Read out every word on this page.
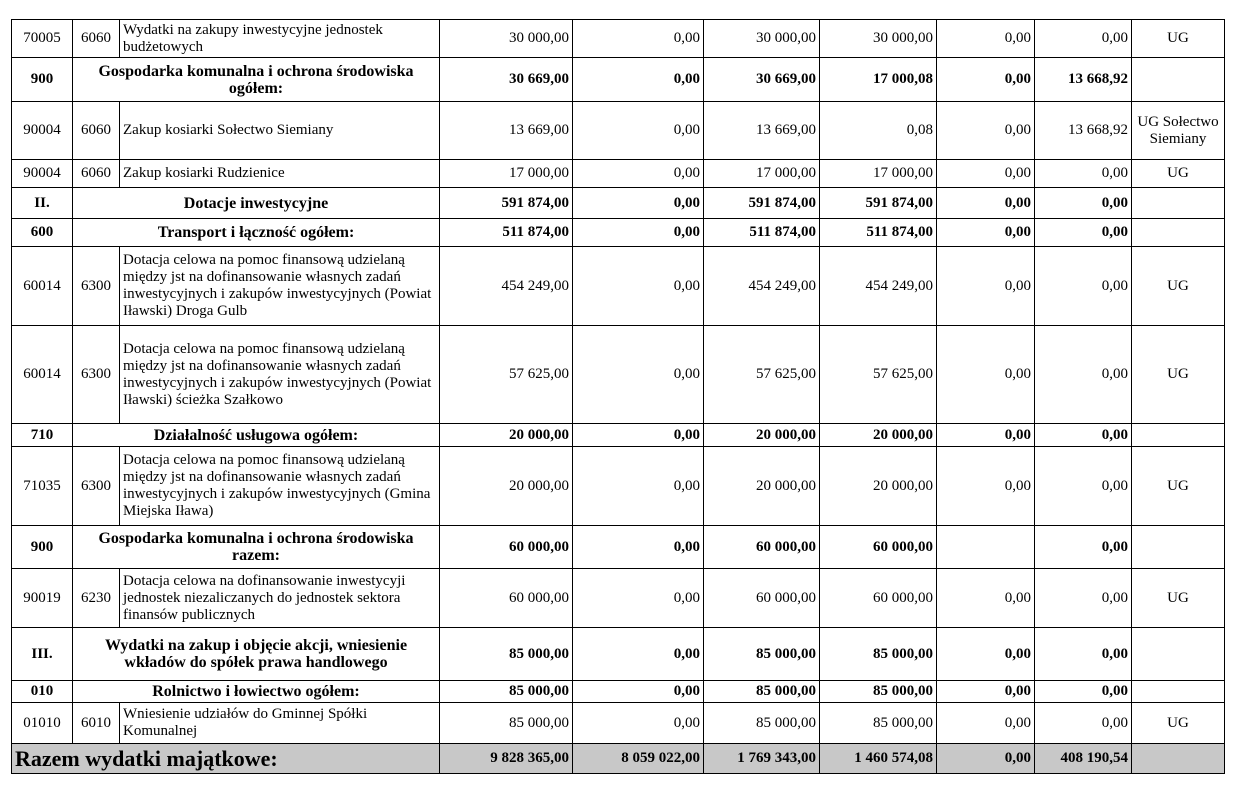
70005	6060	Wydatki na zakupy inwestycyjne jednostek budżetowych	30 000,00	0,00	30 000,00	30 000,00	0,00	0,00	UG
900	Gospodarka komunalna i ochrona środowiska ogółem:		30 669,00	0,00	30 669,00	17 000,08	0,00	13 668,92	
90004	6060	Zakup kosiarki Sołectwo Siemiany	13 669,00	0,00	13 669,00	0,08	0,00	13 668,92	UG Sołectwo Siemiany
90004	6060	Zakup kosiarki Rudzienice	17 000,00	0,00	17 000,00	17 000,00	0,00	0,00	UG
II.	Dotacje inwestycyjne		591 874,00	0,00	591 874,00	591 874,00	0,00	0,00	
600	Transport i łączność ogółem:		511 874,00	0,00	511 874,00	511 874,00	0,00	0,00	
60014	6300	Dotacja celowa na pomoc finansową udzielaną między jst na dofinansowanie własnych zadań inwestycyjnych i zakupów inwestycyjnych (Powiat Iławski) Droga Gulb	454 249,00	0,00	454 249,00	454 249,00	0,00	0,00	UG
60014	6300	Dotacja celowa na pomoc finansową udzielaną między jst na dofinansowanie własnych zadań inwestycyjnych i zakupów inwestycyjnych (Powiat Iławski) ścieżka Szałkowo	57 625,00	0,00	57 625,00	57 625,00	0,00	0,00	UG
710	Działalność usługowa ogółem:		20 000,00	0,00	20 000,00	20 000,00	0,00	0,00	
71035	6300	Dotacja celowa na pomoc finansową udzielaną między jst na dofinansowanie własnych zadań inwestycyjnych i zakupów inwestycyjnych (Gmina Miejska Iława)	20 000,00	0,00	20 000,00	20 000,00	0,00	0,00	UG
900	Gospodarka komunalna i ochrona środowiska razem:		60 000,00	0,00	60 000,00	60 000,00		0,00	
90019	6230	Dotacja celowa na dofinansowanie inwestycyji jednostek niezaliczanych do jednostek sektora finansów publicznych	60 000,00	0,00	60 000,00	60 000,00	0,00	0,00	UG
III.	Wydatki na zakup i objęcie akcji, wniesienie wkładów do spółek prawa handlowego		85 000,00	0,00	85 000,00	85 000,00	0,00	0,00	
010	Rolnictwo i łowiectwo ogółem:		85 000,00	0,00	85 000,00	85 000,00	0,00	0,00	
01010	6010	Wniesienie udziałów do Gminnej Spółki Komunalnej	85 000,00	0,00	85 000,00	85 000,00	0,00	0,00	UG
Razem wydatki majątkowe:			9 828 365,00	8 059 022,00	1 769 343,00	1 460 574,08	0,00	408 190,54	
